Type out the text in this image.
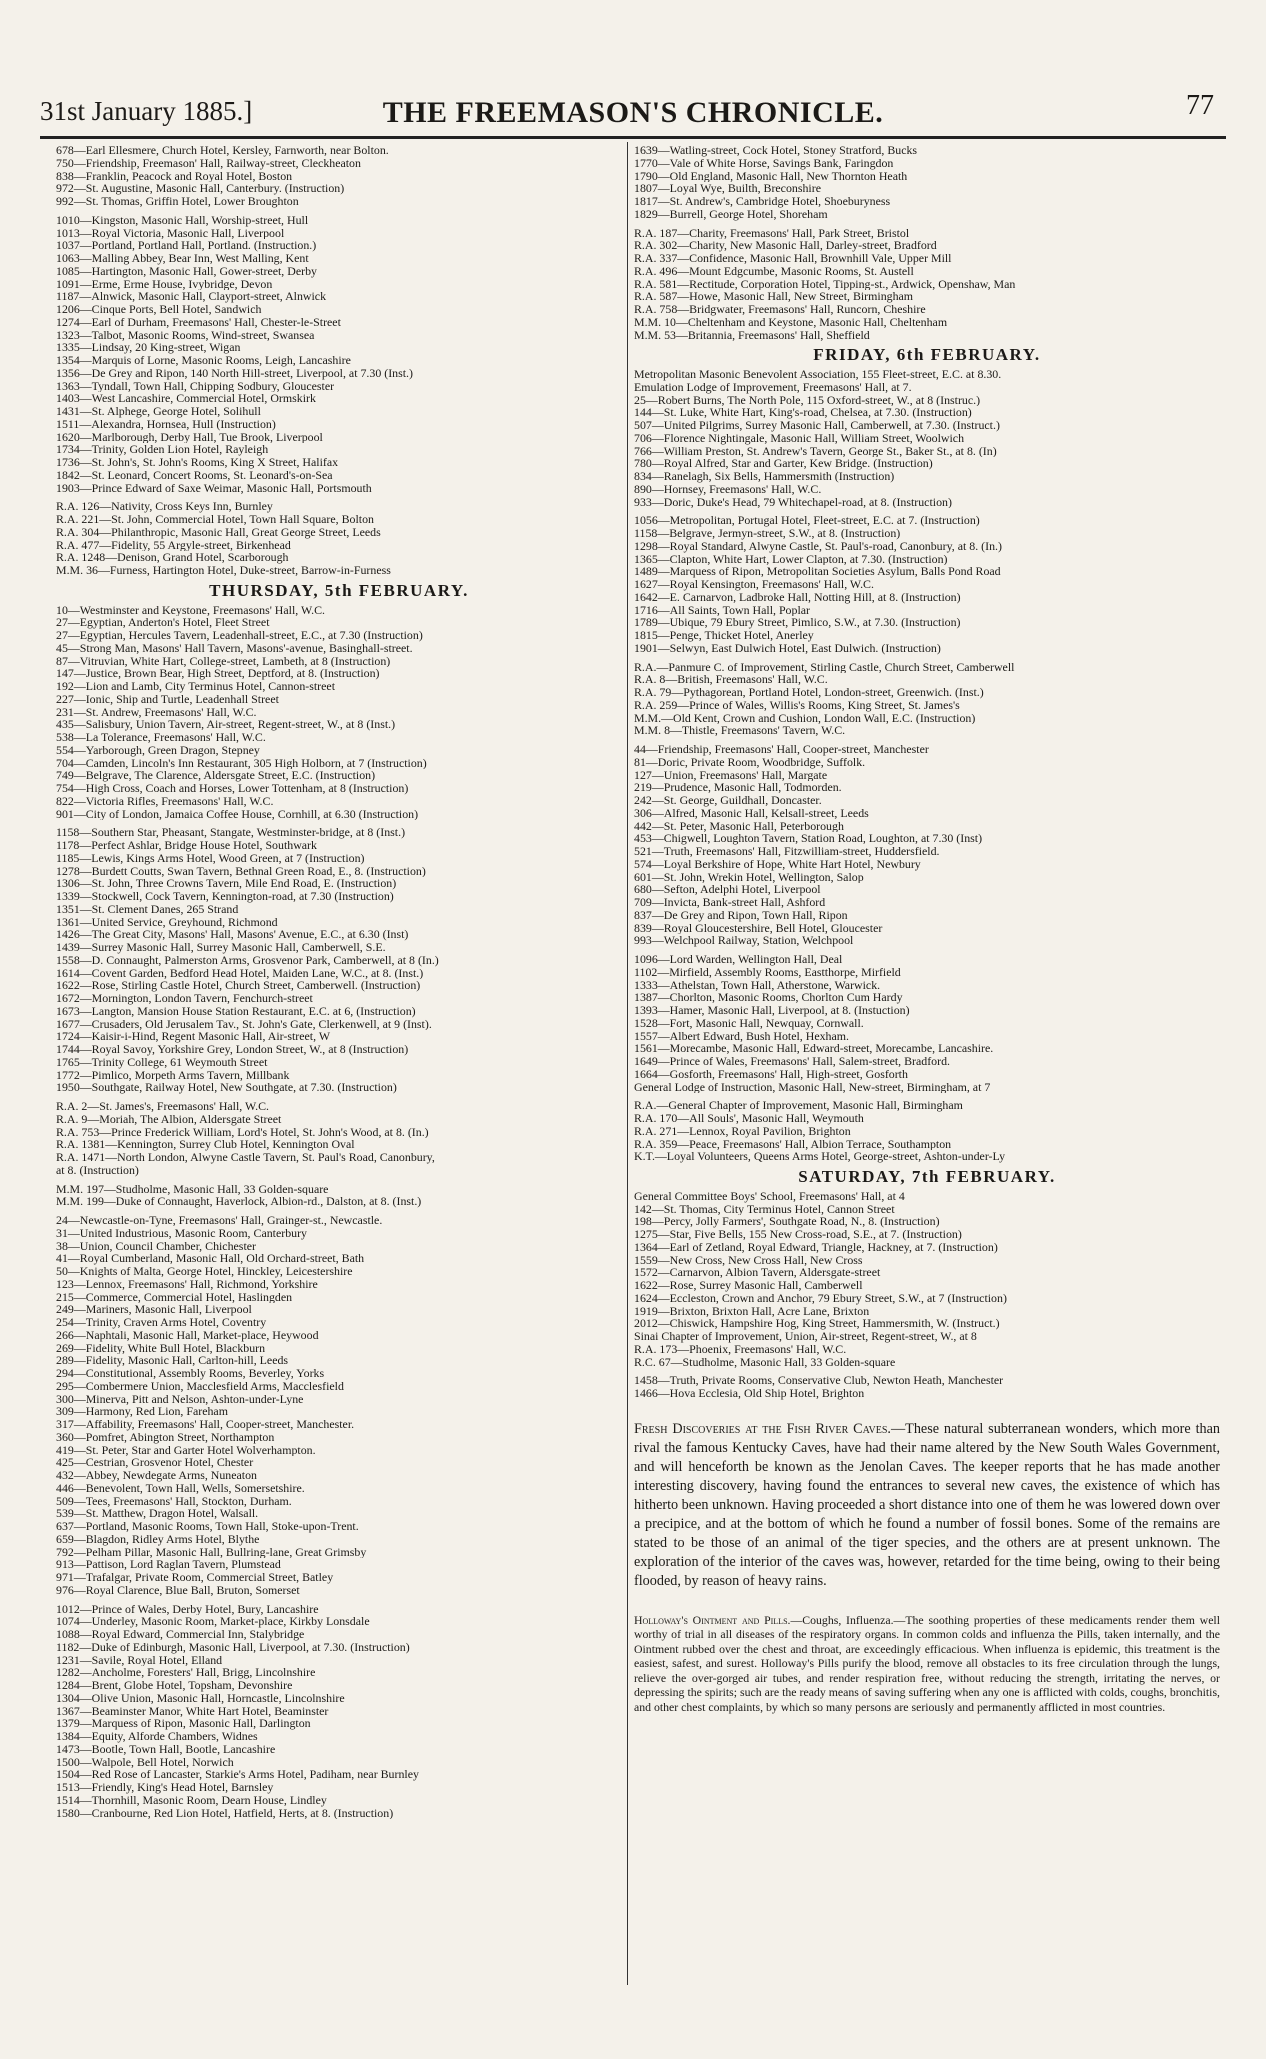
31st January 1885.]	THE FREEMASON'S CHRONICLE.	77
678—Earl Ellesmere, Church Hotel, Kersley, Farnworth, near Bolton.
750—Friendship, Freemason' Hall, Railway-street, Cleckheaton
838—Franklin, Peacock and Royal Hotel, Boston
972—St. Augustine, Masonic Hall, Canterbury. (Instruction)
992—St. Thomas, Griffin Hotel, Lower Broughton
1010—Kingston, Masonic Hall, Worship-street, Hull
1013—Royal Victoria, Masonic Hall, Liverpool
1037—Portland, Portland Hall, Portland. (Instruction.)
1063—Malling Abbey, Bear Inn, West Malling, Kent
1085—Hartington, Masonic Hall, Gower-street, Derby
1091—Erme, Erme House, Ivybridge, Devon
1187—Alnwick, Masonic Hall, Clayport-street, Alnwick
1206—Cinque Ports, Bell Hotel, Sandwich
1274—Earl of Durham, Freemasons' Hall, Chester-le-Street
1323—Talbot, Masonic Rooms, Wind-street, Swansea
1335—Lindsay, 20 King-street, Wigan
1354—Marquis of Lorne, Masonic Rooms, Leigh, Lancashire
1356—De Grey and Ripon, 140 North Hill-street, Liverpool, at 7.30 (Inst.)
1363—Tyndall, Town Hall, Chipping Sodbury, Gloucester
1403—West Lancashire, Commercial Hotel, Ormskirk
1431—St. Alphege, George Hotel, Solihull
1511—Alexandra, Hornsea, Hull (Instruction)
1620—Marlborough, Derby Hall, Tue Brook, Liverpool
1734—Trinity, Golden Lion Hotel, Rayleigh
1736—St. John's, St. John's Rooms, King X Street, Halifax
1842—St. Leonard, Concert Rooms, St. Leonard's-on-Sea
1903—Prince Edward of Saxe Weimar, Masonic Hall, Portsmouth
R.A. 126—Nativity, Cross Keys Inn, Burnley
R.A. 221—St. John, Commercial Hotel, Town Hall Square, Bolton
R.A. 304—Philanthropic, Masonic Hall, Great George Street, Leeds
R.A. 477—Fidelity, 55 Argyle-street, Birkenhead
R.A. 1248—Denison, Grand Hotel, Scarborough
M.M. 36—Furness, Hartington Hotel, Duke-street, Barrow-in-Furness
THURSDAY, 5th FEBRUARY.
10—Westminster and Keystone, Freemasons' Hall, W.C.
27—Egyptian, Anderton's Hotel, Fleet Street
27—Egyptian, Hercules Tavern, Leadenhall-street, E.C., at 7.30 (Instruction)
45—Strong Man, Masons' Hall Tavern, Masons'-avenue, Basinghall-street.
87—Vitruvian, White Hart, College-street, Lambeth, at 8 (Instruction)
147—Justice, Brown Bear, High Street, Deptford, at 8. (Instruction)
192—Lion and Lamb, City Terminus Hotel, Cannon-street
227—Ionic, Ship and Turtle, Leadenhall Street
231—St. Andrew, Freemasons' Hall, W.C.
435—Salisbury, Union Tavern, Air-street, Regent-street, W., at 8 (Inst.)
538—La Tolerance, Freemasons' Hall, W.C.
554—Yarborough, Green Dragon, Stepney
704—Camden, Lincoln's Inn Restaurant, 305 High Holborn, at 7 (Instruction)
749—Belgrave, The Clarence, Aldersgate Street, E.C. (Instruction)
754—High Cross, Coach and Horses, Lower Tottenham, at 8 (Instruction)
822—Victoria Rifles, Freemasons' Hall, W.C.
901—City of London, Jamaica Coffee House, Cornhill, at 6.30 (Instruction)
1158—Southern Star, Pheasant, Stangate, Westminster-bridge, at 8 (Inst.)
1178—Perfect Ashlar, Bridge House Hotel, Southwark
1185—Lewis, Kings Arms Hotel, Wood Green, at 7 (Instruction)
1278—Burdett Coutts, Swan Tavern, Bethnal Green Road, E., 8. (Instruction)
1306—St. John, Three Crowns Tavern, Mile End Road, E. (Instruction)
1339—Stockwell, Cock Tavern, Kennington-road, at 7.30 (Instruction)
1351—St. Clement Danes, 265 Strand
1361—United Service, Greyhound, Richmond
1426—The Great City, Masons' Hall, Masons' Avenue, E.C., at 6.30 (Inst)
1439—Surrey Masonic Hall, Surrey Masonic Hall, Camberwell, S.E.
1558—D. Connaught, Palmerston Arms, Grosvenor Park, Camberwell, at 8 (In.)
1614—Covent Garden, Bedford Head Hotel, Maiden Lane, W.C., at 8. (Inst.)
1622—Rose, Stirling Castle Hotel, Church Street, Camberwell. (Instruction)
1672—Mornington, London Tavern, Fenchurch-street
1673—Langton, Mansion House Station Restaurant, E.C. at 6, (Instruction)
1677—Crusaders, Old Jerusalem Tav., St. John's Gate, Clerkenwell, at 9 (Inst).
1724—Kaisir-i-Hind, Regent Masonic Hall, Air-street, W
1744—Royal Savoy, Yorkshire Grey, London Street, W., at 8 (Instruction)
1765—Trinity College, 61 Weymouth Street
1772—Pimlico, Morpeth Arms Tavern, Millbank
1950—Southgate, Railway Hotel, New Southgate, at 7.30. (Instruction)
R.A. 2—St. James's, Freemasons' Hall, W.C.
R.A. 9—Moriah, The Albion, Aldersgate Street
R.A. 753—Prince Frederick William, Lord's Hotel, St. John's Wood, at 8. (In.)
R.A. 1381—Kennington, Surrey Club Hotel, Kennington Oval
R.A. 1471—North London, Alwyne Castle Tavern, St. Paul's Road, Canonbury,
at 8. (Instruction)
M.M. 197—Studholme, Masonic Hall, 33 Golden-square
M.M. 199—Duke of Connaught, Haverlock, Albion-rd., Dalston, at 8. (Inst.)
24—Newcastle-on-Tyne, Freemasons' Hall, Grainger-st., Newcastle.
31—United Industrious, Masonic Room, Canterbury
38—Union, Council Chamber, Chichester
41—Royal Cumberland, Masonic Hall, Old Orchard-street, Bath
50—Knights of Malta, George Hotel, Hinckley, Leicestershire
123—Lennox, Freemasons' Hall, Richmond, Yorkshire
215—Commerce, Commercial Hotel, Haslingden
249—Mariners, Masonic Hall, Liverpool
254—Trinity, Craven Arms Hotel, Coventry
266—Naphtali, Masonic Hall, Market-place, Heywood
269—Fidelity, White Bull Hotel, Blackburn
289—Fidelity, Masonic Hall, Carlton-hill, Leeds
294—Constitutional, Assembly Rooms, Beverley, Yorks
295—Combermere Union, Macclesfield Arms, Macclesfield
300—Minerva, Pitt and Nelson, Ashton-under-Lyne
309—Harmony, Red Lion, Fareham
317—Affability, Freemasons' Hall, Cooper-street, Manchester.
360—Pomfret, Abington Street, Northampton
419—St. Peter, Star and Garter Hotel Wolverhampton.
425—Cestrian, Grosvenor Hotel, Chester
432—Abbey, Newdegate Arms, Nuneaton
446—Benevolent, Town Hall, Wells, Somersetshire.
509—Tees, Freemasons' Hall, Stockton, Durham.
539—St. Matthew, Dragon Hotel, Walsall.
637—Portland, Masonic Rooms, Town Hall, Stoke-upon-Trent.
659—Blagdon, Ridley Arms Hotel, Blythe
792—Pelham Pillar, Masonic Hall, Bullring-lane, Great Grimsby
913—Pattison, Lord Raglan Tavern, Plumstead
971—Trafalgar, Private Room, Commercial Street, Batley
976—Royal Clarence, Blue Ball, Bruton, Somerset
1012—Prince of Wales, Derby Hotel, Bury, Lancashire
1074—Underley, Masonic Room, Market-place, Kirkby Lonsdale
1088—Royal Edward, Commercial Inn, Stalybridge
1182—Duke of Edinburgh, Masonic Hall, Liverpool, at 7.30. (Instruction)
1231—Savile, Royal Hotel, Elland
1282—Ancholme, Foresters' Hall, Brigg, Lincolnshire
1284—Brent, Globe Hotel, Topsham, Devonshire
1304—Olive Union, Masonic Hall, Horncastle, Lincolnshire
1367—Beaminster Manor, White Hart Hotel, Beaminster
1379—Marquess of Ripon, Masonic Hall, Darlington
1384—Equity, Alforde Chambers, Widnes
1473—Bootle, Town Hall, Bootle, Lancashire
1500—Walpole, Bell Hotel, Norwich
1504—Red Rose of Lancaster, Starkie's Arms Hotel, Padiham, near Burnley
1513—Friendly, King's Head Hotel, Barnsley
1514—Thornhill, Masonic Room, Dearn House, Lindley
1580—Cranbourne, Red Lion Hotel, Hatfield, Herts, at 8. (Instruction)
1639—Watling-street, Cock Hotel, Stoney Stratford, Bucks
1770—Vale of White Horse, Savings Bank, Faringdon
1790—Old England, Masonic Hall, New Thornton Heath
1807—Loyal Wye, Builth, Breconshire
1817—St. Andrew's, Cambridge Hotel, Shoeburyness
1829—Burrell, George Hotel, Shoreham
R.A. 187—Charity, Freemasons' Hall, Park Street, Bristol
R.A. 302—Charity, New Masonic Hall, Darley-street, Bradford
R.A. 337—Confidence, Masonic Hall, Brownhill Vale, Upper Mill
R.A. 496—Mount Edgcumbe, Masonic Rooms, St. Austell
R.A. 581—Rectitude, Corporation Hotel, Tipping-st., Ardwick, Openshaw, Man
R.A. 587—Howe, Masonic Hall, New Street, Birmingham
R.A. 758—Bridgwater, Freemasons' Hall, Runcorn, Cheshire
M.M. 10—Cheltenham and Keystone, Masonic Hall, Cheltenham
M.M. 53—Britannia, Freemasons' Hall, Sheffield
FRIDAY, 6th FEBRUARY.
Metropolitan Masonic Benevolent Association, 155 Fleet-street, E.C. at 8.30.
Emulation Lodge of Improvement, Freemasons' Hall, at 7.
25—Robert Burns, The North Pole, 115 Oxford-street, W., at 8 (Instruc.)
144—St. Luke, White Hart, King's-road, Chelsea, at 7.30. (Instruction)
507—United Pilgrims, Surrey Masonic Hall, Camberwell, at 7.30. (Instruct.)
706—Florence Nightingale, Masonic Hall, William Street, Woolwich
766—William Preston, St. Andrew's Tavern, George St., Baker St., at 8. (In)
780—Royal Alfred, Star and Garter, Kew Bridge. (Instruction)
834—Ranelagh, Six Bells, Hammersmith (Instruction)
890—Hornsey, Freemasons' Hall, W.C.
933—Doric, Duke's Head, 79 Whitechapel-road, at 8. (Instruction)
1056—Metropolitan, Portugal Hotel, Fleet-street, E.C. at 7. (Instruction)
1158—Belgrave, Jermyn-street, S.W., at 8. (Instruction)
1298—Royal Standard, Alwyne Castle, St. Paul's-road, Canonbury, at 8. (In.)
1365—Clapton, White Hart, Lower Clapton, at 7.30. (Instruction)
1489—Marquess of Ripon, Metropolitan Societies Asylum, Balls Pond Road
1627—Royal Kensington, Freemasons' Hall, W.C.
1642—E. Carnarvon, Ladbroke Hall, Notting Hill, at 8. (Instruction)
1716—All Saints, Town Hall, Poplar
1789—Ubique, 79 Ebury Street, Pimlico, S.W., at 7.30. (Instruction)
1815—Penge, Thicket Hotel, Anerley
1901—Selwyn, East Dulwich Hotel, East Dulwich. (Instruction)
R.A.—Panmure C. of Improvement, Stirling Castle, Church Street, Camberwell
R.A. 8—British, Freemasons' Hall, W.C.
R.A. 79—Pythagorean, Portland Hotel, London-street, Greenwich. (Inst.)
R.A. 259—Prince of Wales, Willis's Rooms, King Street, St. James's
M.M.—Old Kent, Crown and Cushion, London Wall, E.C. (Instruction)
M.M. 8—Thistle, Freemasons' Tavern, W.C.
44—Friendship, Freemasons' Hall, Cooper-street, Manchester
81—Doric, Private Room, Woodbridge, Suffolk.
127—Union, Freemasons' Hall, Margate
219—Prudence, Masonic Hall, Todmorden.
242—St. George, Guildhall, Doncaster.
306—Alfred, Masonic Hall, Kelsall-street, Leeds
442—St. Peter, Masonic Hall, Peterborough
453—Chigwell, Loughton Tavern, Station Road, Loughton, at 7.30 (Inst)
521—Truth, Freemasons' Hall, Fitzwilliam-street, Huddersfield.
574—Loyal Berkshire of Hope, White Hart Hotel, Newbury
601—St. John, Wrekin Hotel, Wellington, Salop
680—Sefton, Adelphi Hotel, Liverpool
709—Invicta, Bank-street Hall, Ashford
837—De Grey and Ripon, Town Hall, Ripon
839—Royal Gloucestershire, Bell Hotel, Gloucester
993—Welchpool Railway, Station, Welchpool
1096—Lord Warden, Wellington Hall, Deal
1102—Mirfield, Assembly Rooms, Eastthorpe, Mirfield
1333—Athelstan, Town Hall, Atherstone, Warwick.
1387—Chorlton, Masonic Rooms, Chorlton Cum Hardy
1393—Hamer, Masonic Hall, Liverpool, at 8. (Instuction)
1528—Fort, Masonic Hall, Newquay, Cornwall.
1557—Albert Edward, Bush Hotel, Hexham.
1561—Morecambe, Masonic Hall, Edward-street, Morecambe, Lancashire.
1649—Prince of Wales, Freemasons' Hall, Salem-street, Bradford.
1664—Gosforth, Freemasons' Hall, High-street, Gosforth
General Lodge of Instruction, Masonic Hall, New-street, Birmingham, at 7
R.A.—General Chapter of Improvement, Masonic Hall, Birmingham
R.A. 170—All Souls', Masonic Hall, Weymouth
R.A. 271—Lennox, Royal Pavilion, Brighton
R.A. 359—Peace, Freemasons' Hall, Albion Terrace, Southampton
K.T.—Loyal Volunteers, Queens Arms Hotel, George-street, Ashton-under-Ly
SATURDAY, 7th FEBRUARY.
General Committee Boys' School, Freemasons' Hall, at 4
142—St. Thomas, City Terminus Hotel, Cannon Street
198—Percy, Jolly Farmers', Southgate Road, N., 8. (Instruction)
1275—Star, Five Bells, 155 New Cross-road, S.E., at 7. (Instruction)
1364—Earl of Zetland, Royal Edward, Triangle, Hackney, at 7. (Instruction)
1559—New Cross, New Cross Hall, New Cross
1572—Carnarvon, Albion Tavern, Aldersgate-street
1622—Rose, Surrey Masonic Hall, Camberwell
1624—Eccleston, Crown and Anchor, 79 Ebury Street, S.W., at 7 (Instruction)
1919—Brixton, Brixton Hall, Acre Lane, Brixton
2012—Chiswick, Hampshire Hog, King Street, Hammersmith, W. (Instruct.)
Sinai Chapter of Improvement, Union, Air-street, Regent-street, W., at 8
R.A. 173—Phoenix, Freemasons' Hall, W.C.
R.C. 67—Studholme, Masonic Hall, 33 Golden-square
1458—Truth, Private Rooms, Conservative Club, Newton Heath, Manchester
1466—Hova Ecclesia, Old Ship Hotel, Brighton
Fresh Discoveries at the Fish River Caves.—These natural subterranean wonders, which more than rival the famous Kentucky Caves, have had their name altered by the New South Wales Government, and will henceforth be known as the Jenolan Caves. The keeper reports that he has made another interesting discovery, having found the entrances to several new caves, the existence of which has hitherto been unknown. Having proceeded a short distance into one of them he was lowered down over a precipice, and at the bottom of which he found a number of fossil bones. Some of the remains are stated to be those of an animal of the tiger species, and the others are at present unknown. The exploration of the interior of the caves was, however, retarded for the time being, owing to their being flooded, by reason of heavy rains.
Holloway's Ointment and Pills.—Coughs, Influenza.—The soothing properties of these medicaments render them well worthy of trial in all diseases of the respiratory organs. In common colds and influenza the Pills, taken internally, and the Ointment rubbed over the chest and throat, are exceedingly efficacious. When influenza is epidemic, this treatment is the easiest, safest, and surest. Holloway's Pills purify the blood, remove all obstacles to its free circulation through the lungs, relieve the over-gorged air tubes, and render respiration free, without reducing the strength, irritating the nerves, or depressing the spirits; such are the ready means of saving suffering when any one is afflicted with colds, coughs, bronchitis, and other chest complaints, by which so many persons are seriously and permanently afflicted in most countries.
